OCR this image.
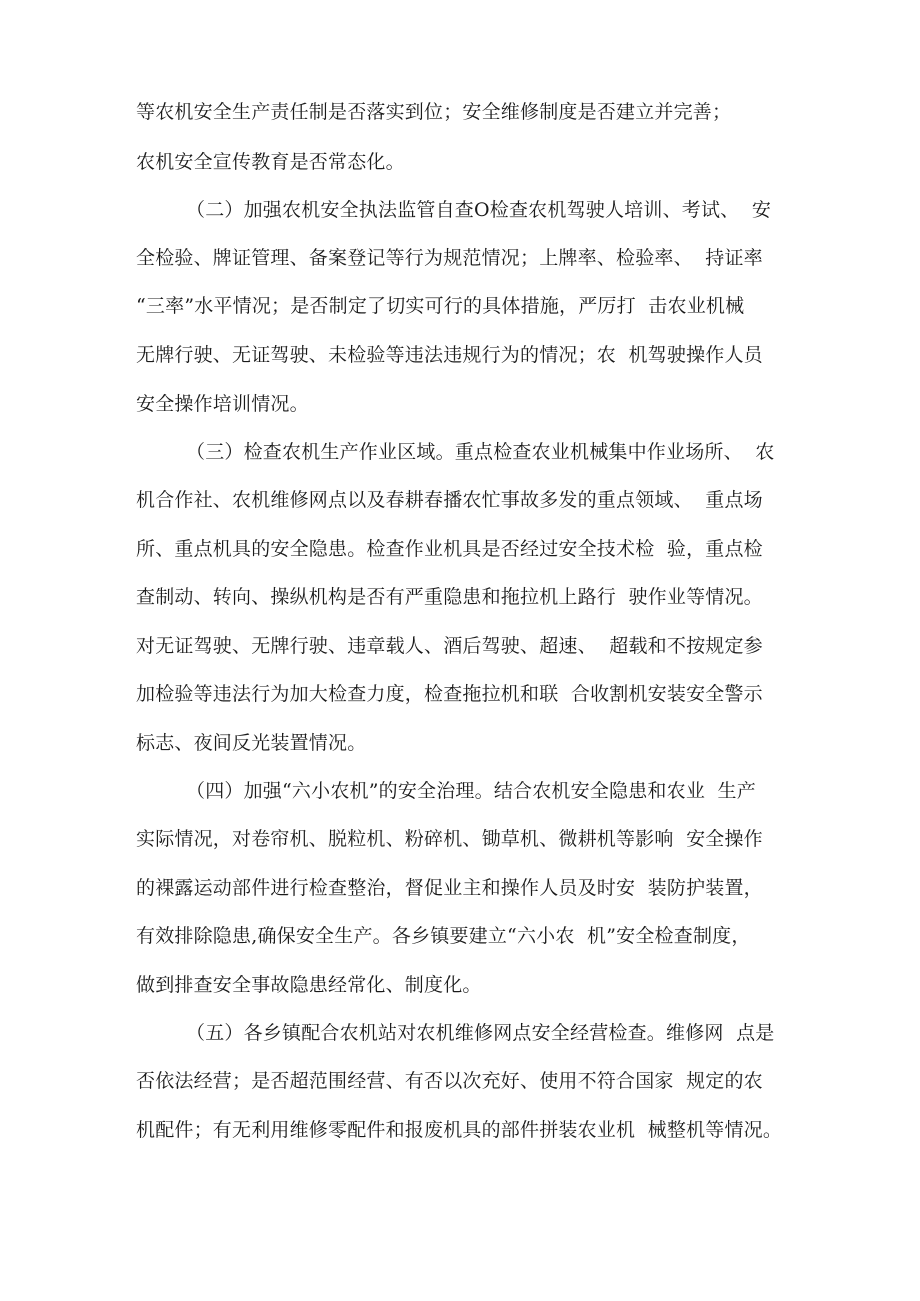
等农机安全生产责任制是否落实到位；安全维修制度是否建立并完善；
农机安全宣传教育是否常态化。
（二）加强农机安全执法监管自查O检查农机驾驶人培训、考试、  安
全检验、牌证管理、备案登记等行为规范情况；上牌率、检验率、  持证率
“三率”水平情况；是否制定了切实可行的具体措施，严厉打  击农业机械
无牌行驶、无证驾驶、未检验等违法违规行为的情况；农  机驾驶操作人员
安全操作培训情况。
（三）检查农机生产作业区域。重点检查农业机械集中作业场所、  农
机合作社、农机维修网点以及春耕春播农忙事故多发的重点领域、  重点场
所、重点机具的安全隐患。检查作业机具是否经过安全技术检  验，重点检
查制动、转向、操纵机构是否有严重隐患和拖拉机上路行  驶作业等情况。
对无证驾驶、无牌行驶、违章载人、酒后驾驶、超速、  超载和不按规定参
加检验等违法行为加大检查力度，检查拖拉机和联  合收割机安装安全警示
标志、夜间反光装置情况。
（四）加强“六小农机”的安全治理。结合农机安全隐患和农业  生产
实际情况，对卷帘机、脱粒机、粉碎机、锄草机、微耕机等影响  安全操作
的裸露运动部件进行检查整治，督促业主和操作人员及时安  装防护装置，
有效排除隐患,确保安全生产。各乡镇要建立“六小农  机”安全检查制度，
做到排查安全事故隐患经常化、制度化。
（五）各乡镇配合农机站对农机维修网点安全经营检查。维修网  点是
否依法经营；是否超范围经营、有否以次充好、使用不符合国家  规定的农
机配件；有无利用维修零配件和报废机具的部件拼装农业机  械整机等情况。
